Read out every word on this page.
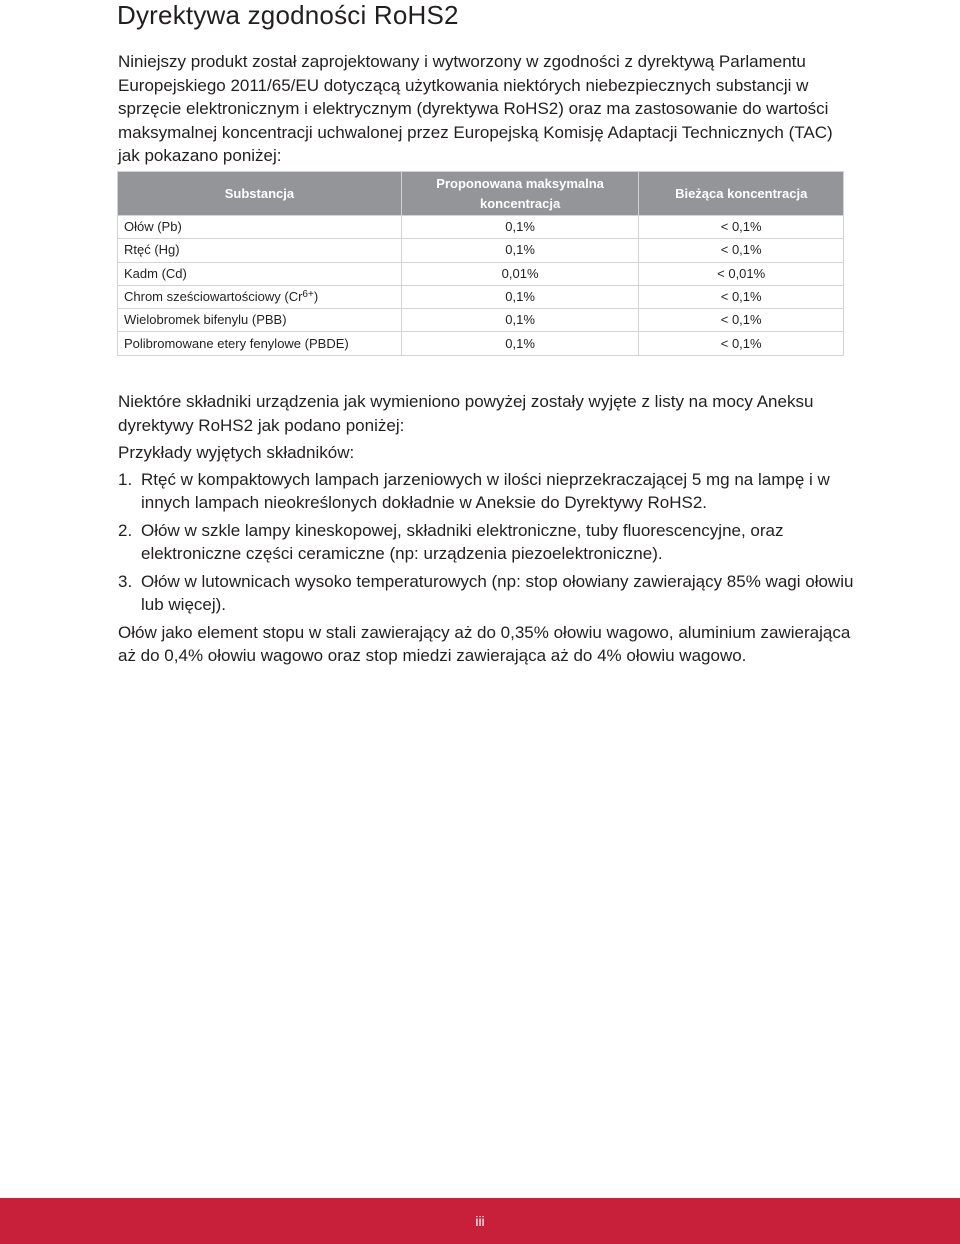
Dyrektywa zgodności RoHS2

Niniejszy produkt został zaprojektowany i wytworzony w zgodności z dyrektywą Parlamentu Europejskiego 2011/65/EU dotyczącą użytkowania niektórych niebezpiecznych substancji w sprzęcie elektronicznym i elektrycznym (dyrektywa RoHS2) oraz ma zastosowanie do wartości maksymalnej koncentracji uchwalonej przez Europejską Komisję Adaptacji Technicznych (TAC) jak pokazano poniżej:

Substancja	Proponowana maksymalna koncentracja	Bieżąca koncentracja
Ołów (Pb)	0,1%	< 0,1%
Rtęć (Hg)	0,1%	< 0,1%
Kadm (Cd)	0,01%	< 0,01%
Chrom sześciowartościowy $(Cr^{6+})$	0,1%	< 0,1%
Wielobromek bifenylu (PBB)	0,1%	< 0,1%
Polibromowane etery fenylowe (PBDE)	0,1%	< 0,1%

Niektóre składniki urządzenia jak wymieniono powyżej zostały wyjęte z listy na mocy Aneksu dyrektywy RoHS2 jak podano poniżej:

Przykłady wyjętych składników:

1. Rtęć w kompaktowych lampach jarzeniowych w ilości nieprzekraczającej 5 mg na lampę i w innych lampach nieokreślonych dokładnie w Aneksie do Dyrektywy RoHS2.
2. Ołów w szkle lampy kineskopowej, składniki elektroniczne, tuby fluorescencyjne, oraz elektroniczne części ceramiczne (np: urządzenia piezoelektroniczne).
3. Ołów w lutownicach wysoko temperaturowych (np: stop ołowiany zawierający 85% wagi ołowiu lub więcej).

Ołów jako element stopu w stali zawierający aż do 0,35% ołowiu wagowo, aluminium zawierająca aż do 0,4% ołowiu wagowo oraz stop miedzi zawierająca aż do 4% ołowiu wagowo.

iii
